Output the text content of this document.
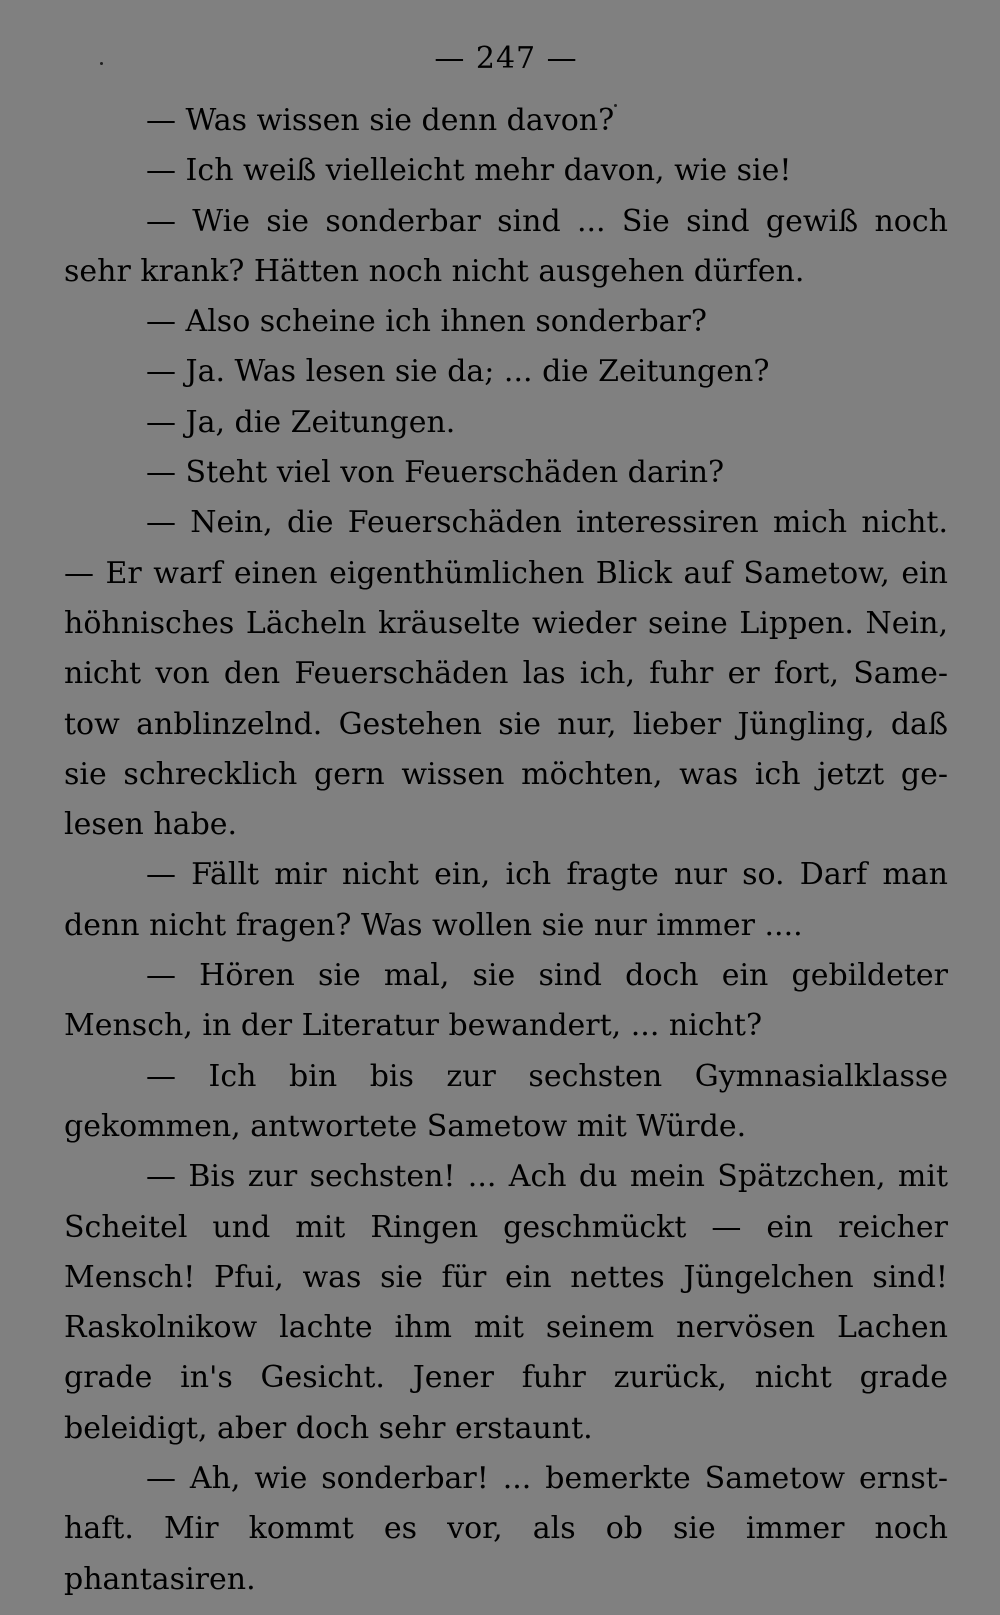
— 247 —

— Was wissen sie denn davon?

— Ich weiß vielleicht mehr davon, wie sie!

— Wie sie sonderbar sind ... Sie sind gewiß noch sehr krank? Hätten noch nicht ausgehen dürfen.

— Also scheine ich ihnen sonderbar?

— Ja. Was lesen sie da; ... die Zeitungen?

— Ja, die Zeitungen.

— Steht viel von Feuerschäden darin?

— Nein, die Feuerschäden interessiren mich nicht. — Er warf einen eigenthümlichen Blick auf Sametow, ein höhnisches Lächeln kräuselte wieder seine Lippen. Nein, nicht von den Feuerschäden las ich, fuhr er fort, Sametow anblinzelnd. Gestehen sie nur, lieber Jüngling, daß sie schrecklich gern wissen möchten, was ich jetzt gelesen habe.

— Fällt mir nicht ein, ich fragte nur so. Darf man denn nicht fragen? Was wollen sie nur immer ....

— Hören sie mal, sie sind doch ein gebildeter Mensch, in der Literatur bewandert, ... nicht?

— Ich bin bis zur sechsten Gymnasialklasse gekommen, antwortete Sametow mit Würde.

— Bis zur sechsten! ... Ach du mein Spätzchen, mit Scheitel und mit Ringen geschmückt — ein reicher Mensch! Pfui, was sie für ein nettes Jüngelchen sind! Raskolnikow lachte ihm mit seinem nervösen Lachen grade in's Gesicht. Jener fuhr zurück, nicht grade beleidigt, aber doch sehr erstaunt.

— Ah, wie sonderbar! ... bemerkte Sametow ernsthaft. Mir kommt es vor, als ob sie immer noch phantasiren.
